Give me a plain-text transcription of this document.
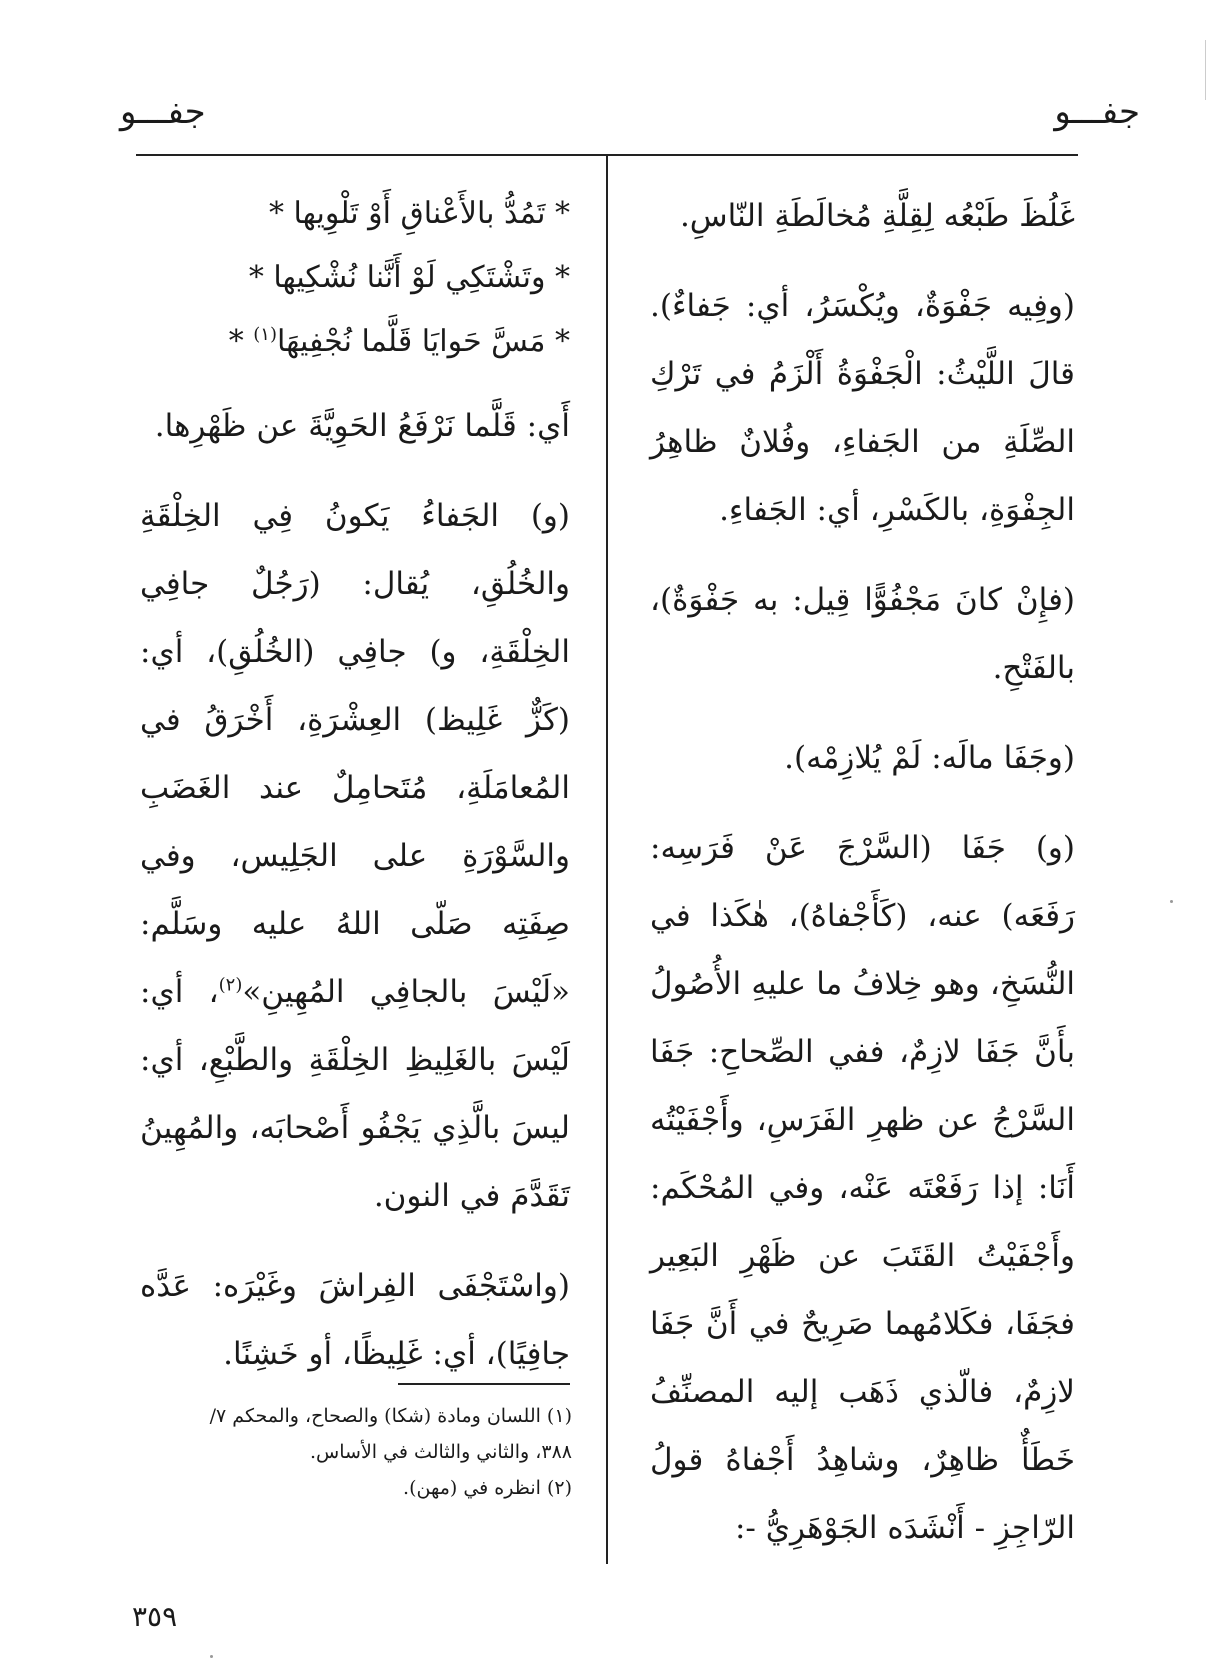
جفـــو
جفـــو

غَلُظَ طَبْعُه لِقِلَّةِ مُخالَطَةِ النّاسِ.

(وفِيه جَفْوَةٌ، ويُكْسَرُ، أي: جَفاءٌ). قالَ اللَّيْثُ: الْجَفْوَةُ أَلْزَمُ في تَرْكِ الصِّلَةِ من الجَفاءِ، وفُلانٌ ظاهِرُ الجِفْوَةِ، بالكَسْرِ، أي: الجَفاءِ.

(فإِنْ كانَ مَجْفُوًّا قِيل: به جَفْوَةٌ)، بالفَتْحِ.

(وجَفَا مالَه: لَمْ يُلازِمْه).

(و) جَفَا (السَّرْجَ عَنْ فَرَسِه: رَفَعَه) عنه، (كَأَجْفاهُ)، هٰكَذا في النُّسَخِ، وهو خِلافُ ما عليهِ الأُصُولُ بأَنَّ جَفَا لازِمٌ، ففي الصِّحاحِ: جَفَا السَّرْجُ عن ظهرِ الفَرَسِ، وأَجْفَيْتُه أَنَا: إذا رَفَعْتَه عَنْه، وفي المُحْكَم: وأَجْفَيْتُ القَتَبَ عن ظَهْرِ البَعِير فجَفَا، فكَلامُهما صَرِيحٌ في أَنَّ جَفَا لازِمٌ، فالّذي ذَهَب إليه المصنِّفُ خَطَأٌ ظاهِرٌ، وشاهِدُ أَجْفاهُ قولُ الرّاجِزِ - أَنْشَدَه الجَوْهَرِيُّ -:

* تَمُدُّ بالأَعْناقِ أَوْ تَلْوِيها *

* وتَشْتَكِي لَوْ أَنَّنا نُشْكِيها *

* مَسَّ حَوايَا قَلَّما نُجْفِيهَا$^{(١)}$ *

أَي: قَلَّما نَرْفَعُ الحَوِيَّةَ عن ظَهْرِها.

(و) الجَفاءُ يَكونُ فِي الخِلْقَةِ والخُلُقِ، يُقال: (رَجُلٌ جافِي الخِلْقَةِ، و) جافِي (الخُلُقِ)، أي: (كَزٌّ غَلِيظ) العِشْرَةِ، أَخْرَقُ في المُعامَلَةِ، مُتَحامِلٌ عند الغَضَبِ والسَّوْرَةِ على الجَلِيس، وفي صِفَتِه صَلّى اللهُ عليه وسَلَّم: «لَيْسَ بالجافِي المُهِينِ»$^{(٢)}$، أي: لَيْسَ بالغَلِيظِ الخِلْقَةِ والطَّبْعِ، أي: ليسَ بالَّذِي يَجْفُو أَصْحابَه، والمُهِينُ تَقَدَّمَ في النون.

(واسْتَجْفَى الفِراشَ وغَيْرَه: عَدَّه جافِيًا)، أي: غَلِيظًا، أو خَشِنًا.

(١) اللسان ومادة (شكا) والصحاح، والمحكم ٧/

٣٨٨، والثاني والثالث في الأساس.

(٢) انظره في (مهن).

٣٥٩
